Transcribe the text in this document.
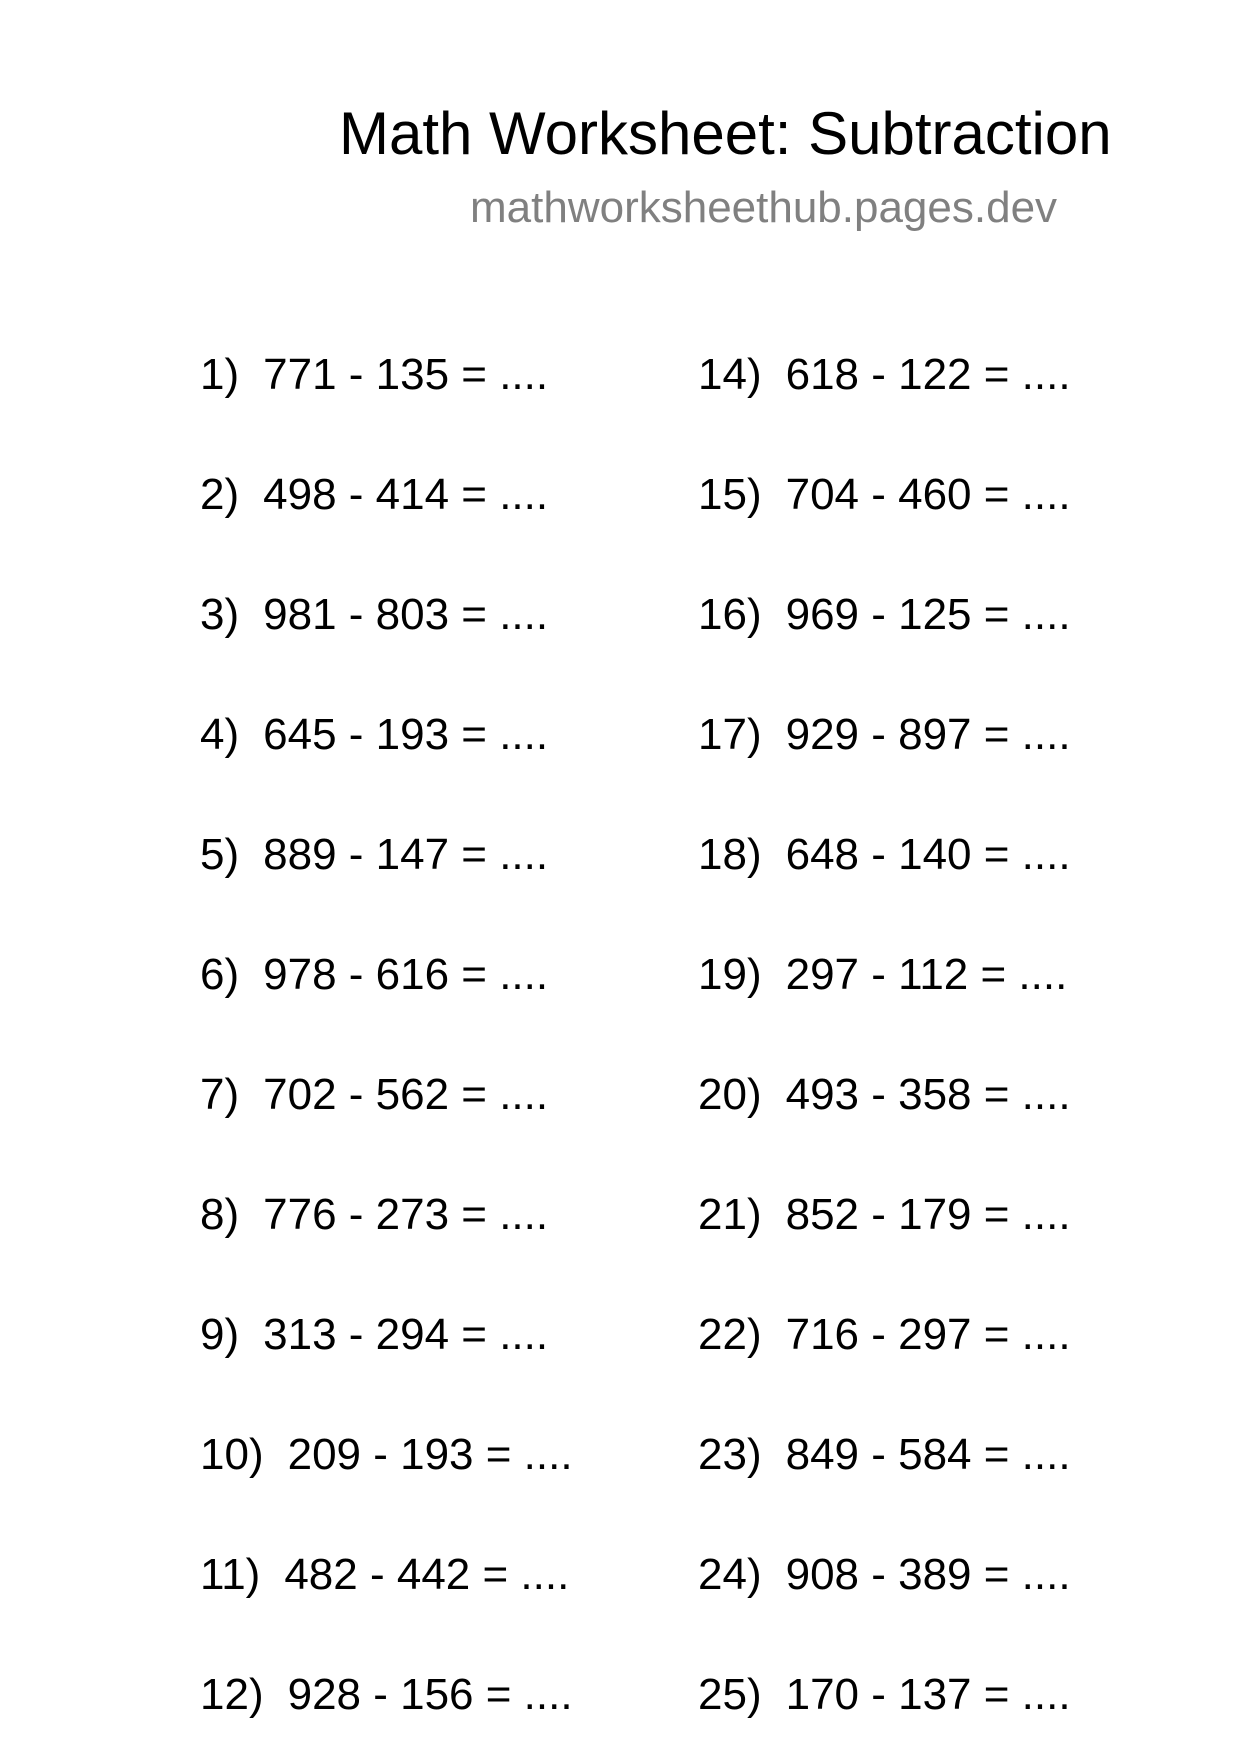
Math Worksheet: Subtraction
mathworksheethub.pages.dev
1) 771 - 135 = ....
2) 498 - 414 = ....
3) 981 - 803 = ....
4) 645 - 193 = ....
5) 889 - 147 = ....
6) 978 - 616 = ....
7) 702 - 562 = ....
8) 776 - 273 = ....
9) 313 - 294 = ....
10) 209 - 193 = ....
11) 482 - 442 = ....
12) 928 - 156 = ....
14) 618 - 122 = ....
15) 704 - 460 = ....
16) 969 - 125 = ....
17) 929 - 897 = ....
18) 648 - 140 = ....
19) 297 - 112 = ....
20) 493 - 358 = ....
21) 852 - 179 = ....
22) 716 - 297 = ....
23) 849 - 584 = ....
24) 908 - 389 = ....
25) 170 - 137 = ....
